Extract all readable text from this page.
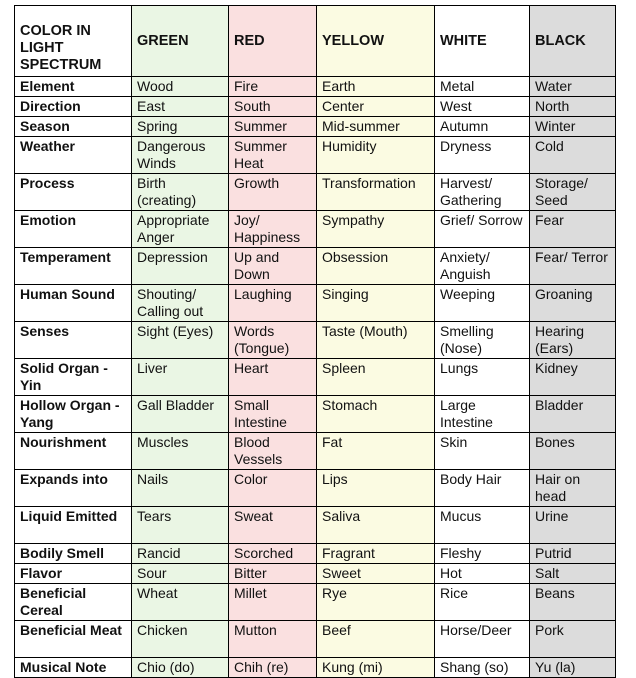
COLOR IN LIGHT SPECTRUM	GREEN	RED	YELLOW	WHITE	BLACK
Element	Wood	Fire	Earth	Metal	Water
Direction	East	South	Center	West	North
Season	Spring	Summer	Mid-summer	Autumn	Winter
Weather	Dangerous Winds	Summer Heat	Humidity	Dryness	Cold
Process	Birth (creating)	Growth	Transformation	Harvest/ Gathering	Storage/ Seed
Emotion	Appropriate Anger	Joy/ Happiness	Sympathy	Grief/ Sorrow	Fear
Temperament	Depression	Up and Down	Obsession	Anxiety/ Anguish	Fear/ Terror
Human Sound	Shouting/ Calling out	Laughing	Singing	Weeping	Groaning
Senses	Sight (Eyes)	Words (Tongue)	Taste (Mouth)	Smelling (Nose)	Hearing (Ears)
Solid Organ - Yin	Liver	Heart	Spleen	Lungs	Kidney
Hollow Organ - Yang	Gall Bladder	Small Intestine	Stomach	Large Intestine	Bladder
Nourishment	Muscles	Blood Vessels	Fat	Skin	Bones
Expands into	Nails	Color	Lips	Body Hair	Hair on head
Liquid Emitted	Tears	Sweat	Saliva	Mucus	Urine
Bodily Smell	Rancid	Scorched	Fragrant	Fleshy	Putrid
Flavor	Sour	Bitter	Sweet	Hot	Salt
Beneficial Cereal	Wheat	Millet	Rye	Rice	Beans
Beneficial Meat	Chicken	Mutton	Beef	Horse/Deer	Pork
Musical Note	Chio (do)	Chih (re)	Kung (mi)	Shang (so)	Yu (la)
